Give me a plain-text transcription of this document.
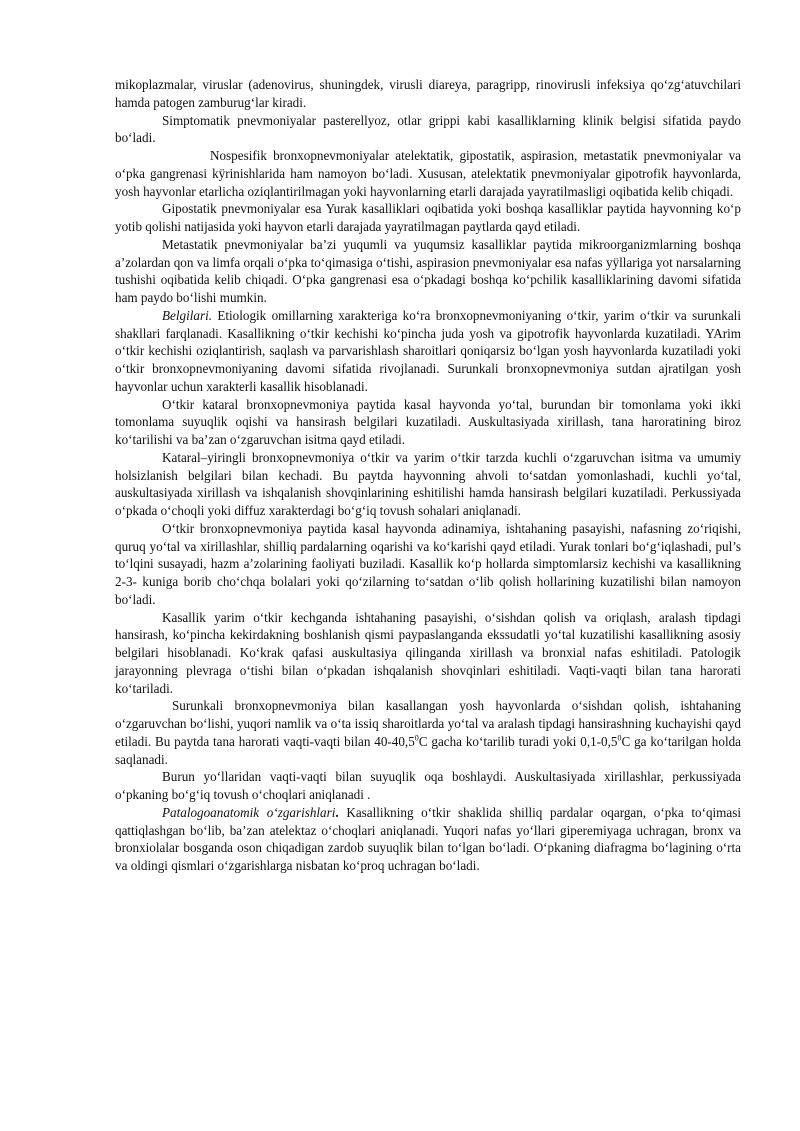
mikoplazmalar, viruslar (adenovirus, shuningdek, virusli diareya, paragripp, rinovirusli infeksiya qo‘zg‘atuvchilari hamda patogen zamburug‘lar kiradi.

Simptomatik pnevmoniyalar pasterellyoz, otlar grippi kabi kasalliklarning klinik belgisi sifatida paydo bo‘ladi.

Nospesifik bronxopnevmoniyalar atelektatik, gipostatik, aspirasion, metastatik pnevmoniyalar va o‘pka gangrenasi kÿrinishlarida ham namoyon bo‘ladi. Xususan, atelektatik pnevmoniyalar gipotrofik hayvonlarda, yosh hayvonlar etarlicha oziqlantirilmagan yoki hayvonlarning etarli darajada yayratilmasligi oqibatida kelib chiqadi.

Gipostatik pnevmoniyalar esa Yurak kasalliklari oqibatida yoki boshqa kasalliklar paytida hayvonning ko‘p yotib qolishi natijasida yoki hayvon etarli darajada yayratilmagan paytlarda qayd etiladi.

Metastatik pnevmoniyalar ba’zi yuqumli va yuqumsiz kasalliklar paytida mikroorganizmlarning boshqa a’zolardan qon va limfa orqali o‘pka to‘qimasiga o‘tishi, aspirasion pnevmoniyalar esa nafas yÿllariga yot narsalarning tushishi oqibatida kelib chiqadi. O‘pka gangrenasi esa o‘pkadagi boshqa ko‘pchilik kasalliklarining davomi sifatida ham paydo bo‘lishi mumkin.

Belgilari. Etiologik omillarning xarakteriga ko‘ra bronxopnevmoniyaning o‘tkir, yarim o‘tkir va surunkali shakllari farqlanadi. Kasallikning o‘tkir kechishi ko‘pincha juda yosh va gipotrofik hayvonlarda kuzatiladi. YArim o‘tkir kechishi oziqlantirish, saqlash va parvarishlash sharoitlari qoniqarsiz bo‘lgan yosh hayvonlarda kuzatiladi yoki o‘tkir bronxopnevmoniyaning davomi sifatida rivojlanadi. Surunkali bronxopnevmoniya sutdan ajratilgan yosh hayvonlar uchun xarakterli kasallik hisoblanadi.

O‘tkir kataral bronxopnevmoniya paytida kasal hayvonda yo‘tal, burundan bir tomonlama yoki ikki tomonlama suyuqlik oqishi va hansirash belgilari kuzatiladi. Auskultasiyada xirillash, tana haroratining biroz ko‘tarilishi va ba’zan o‘zgaruvchan isitma qayd etiladi.

Kataral–yiringli bronxopnevmoniya o‘tkir va yarim o‘tkir tarzda kuchli o‘zgaruvchan isitma va umumiy holsizlanish belgilari bilan kechadi. Bu paytda hayvonning ahvoli to‘satdan yomonlashadi, kuchli yo‘tal, auskultasiyada xirillash va ishqalanish shovqinlarining eshitilishi hamda hansirash belgilari kuzatiladi. Perkussiyada o‘pkada o‘choqli yoki diffuz xarakterdagi bo‘g‘iq tovush sohalari aniqlanadi.

O‘tkir bronxopnevmoniya paytida kasal hayvonda adinamiya, ishtahaning pasayishi, nafasning zo‘riqishi, quruq yo‘tal va xirillashlar, shilliq pardalarning oqarishi va ko‘karishi qayd etiladi. Yurak tonlari bo‘g‘iqlashadi, pul’s to‘lqini susayadi, hazm a’zolarining faoliyati buziladi. Kasallik ko‘p hollarda simptomlarsiz kechishi va kasallikning 2-3- kuniga borib cho‘chqa bolalari yoki qo‘zilarning to‘satdan o‘lib qolish hollarining kuzatilishi bilan namoyon bo‘ladi.

Kasallik yarim o‘tkir kechganda ishtahaning pasayishi, o‘sishdan qolish va oriqlash, aralash tipdagi hansirash, ko‘pincha kekirdakning boshlanish qismi paypaslanganda ekssudatli yo‘tal kuzatilishi kasallikning asosiy belgilari hisoblanadi. Ko‘krak qafasi auskultasiya qilinganda xirillash va bronxial nafas eshitiladi. Patologik jarayonning plevraga o‘tishi bilan o‘pkadan ishqalanish shovqinlari eshitiladi. Vaqti-vaqti bilan tana harorati ko‘tariladi.

Surunkali bronxopnevmoniya bilan kasallangan yosh hayvonlarda o‘sishdan qolish, ishtahaning o‘zgaruvchan bo‘lishi, yuqori namlik va o‘ta issiq sharoitlarda yo‘tal va aralash tipdagi hansirashning kuchayishi qayd etiladi. Bu paytda tana harorati vaqti-vaqti bilan 40-40,5$^0$C gacha ko‘tarilib turadi yoki $0,1-0,5^0C$ ga ko‘tarilgan holda saqlanadi.

Burun yo‘llaridan vaqti-vaqti bilan suyuqlik oqa boshlaydi. Auskultasiyada xirillashlar, perkussiyada o‘pkaning bo‘g‘iq tovush o‘choqlari aniqlanadi .

Patalogoanatomik o‘zgarishlari. Kasallikning o‘tkir shaklida shilliq pardalar oqargan, o‘pka to‘qimasi qattiqlashgan bo‘lib, ba’zan atelektaz o‘choqlari aniqlanadi. Yuqori nafas yo‘llari giperemiyaga uchragan, bronx va bronxiolalar bosganda oson chiqadigan zardob suyuqlik bilan to‘lgan bo‘ladi. O‘pkaning diafragma bo‘lagining o‘rta va oldingi qismlari o‘zgarishlarga nisbatan ko‘proq uchragan bo‘ladi.
